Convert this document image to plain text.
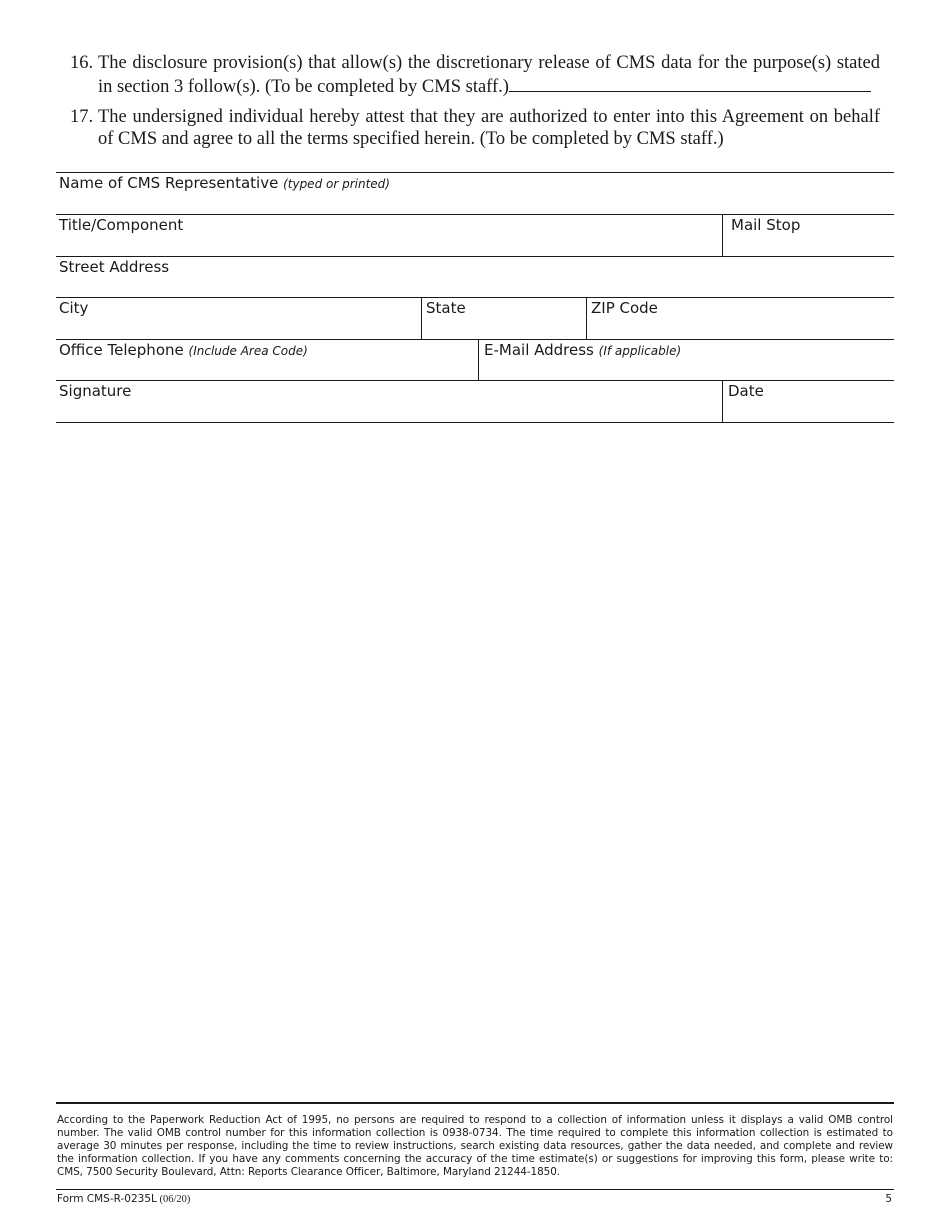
16. The disclosure provision(s) that allow(s) the discretionary release of CMS data for the purpose(s) stated in section 3 follow(s). (To be completed by CMS staff.)
17. The undersigned individual hereby attest that they are authorized to enter into this Agreement on behalf of CMS and agree to all the terms specified herein. (To be completed by CMS staff.)
Name of CMS Representative (typed or printed)
Title/Component	Mail Stop
Street Address
City	State	ZIP Code
Office Telephone (Include Area Code)	E-Mail Address (If applicable)
Signature	Date
According to the Paperwork Reduction Act of 1995, no persons are required to respond to a collection of information unless it displays a valid OMB control number. The valid OMB control number for this information collection is 0938-0734. The time required to complete this information collection is estimated to average 30 minutes per response, including the time to review instructions, search existing data resources, gather the data needed, and complete and review the information collection. If you have any comments concerning the accuracy of the time estimate(s) or suggestions for improving this form, please write to: CMS, 7500 Security Boulevard, Attn: Reports Clearance Officer, Baltimore, Maryland 21244-1850.
Form CMS-R-0235L (06/20)	5
